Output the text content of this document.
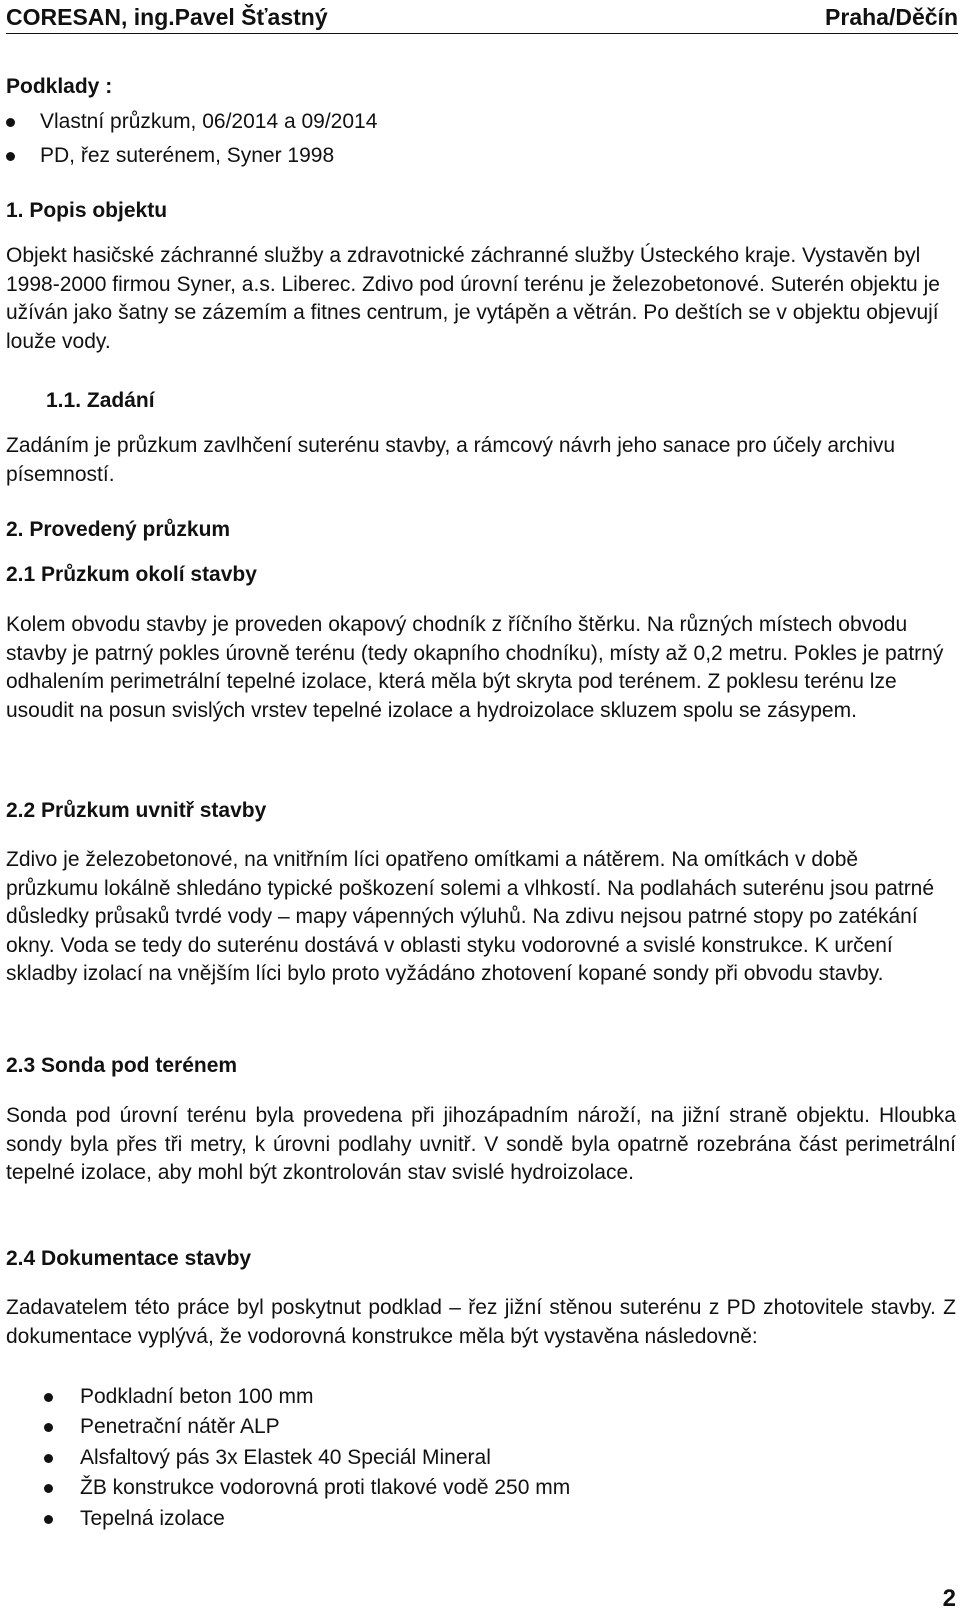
CORESAN, ing.Pavel Šťastný	Praha/Děčín

Podklady :

Vlastní průzkum, 06/2014 a 09/2014
PD, řez suterénem, Syner 1998

1. Popis objektu

Objekt hasičské záchranné služby a zdravotnické záchranné služby Ústeckého kraje. Vystavěn byl 1998-2000 firmou Syner, a.s. Liberec. Zdivo pod úrovní terénu je železobetonové. Suterén objektu je užíván jako šatny se zázemím a fitnes centrum, je vytápěn a větrán. Po deštích se v objektu objevují louže vody.

1.1. Zadání

Zadáním je průzkum zavlhčení suterénu stavby, a rámcový návrh jeho sanace pro účely archivu písemností.

2. Provedený průzkum

2.1 Průzkum okolí stavby

Kolem obvodu stavby je proveden okapový chodník z říčního štěrku. Na různých místech obvodu stavby je patrný pokles úrovně terénu (tedy okapního chodníku), místy až 0,2 metru. Pokles je patrný odhalením perimetrální tepelné izolace, která měla být skryta pod terénem. Z poklesu terénu lze usoudit na posun svislých vrstev tepelné izolace a hydroizolace skluzem spolu se zásypem.

2.2 Průzkum uvnitř stavby

Zdivo je železobetonové, na vnitřním líci opatřeno omítkami a nátěrem. Na omítkách v době průzkumu lokálně shledáno typické poškození solemi a vlhkostí. Na podlahách suterénu jsou patrné důsledky průsaků tvrdé vody – mapy vápenných výluhů. Na zdivu nejsou patrné stopy po zatékání okny. Voda se tedy do suterénu dostává v oblasti styku vodorovné a svislé konstrukce. K určení skladby izolací na vnějším líci bylo proto vyžádáno zhotovení kopané sondy při obvodu stavby.

2.3 Sonda pod terénem

Sonda pod úrovní terénu byla provedena při jihozápadním nároží, na jižní straně objektu. Hloubka sondy byla přes tři metry, k úrovni podlahy uvnitř. V sondě byla opatrně rozebrána část perimetrální tepelné izolace, aby mohl být zkontrolován stav svislé hydroizolace.

2.4 Dokumentace stavby

Zadavatelem této práce byl poskytnut podklad – řez jižní stěnou suterénu z PD zhotovitele stavby. Z dokumentace vyplývá, že vodorovná konstrukce měla být vystavěna následovně:

Podkladní beton 100 mm
Penetrační nátěr ALP
Alsfaltový pás 3x Elastek 40 Speciál Mineral
ŽB konstrukce vodorovná proti tlakové vodě 250 mm
Tepelná izolace
2
